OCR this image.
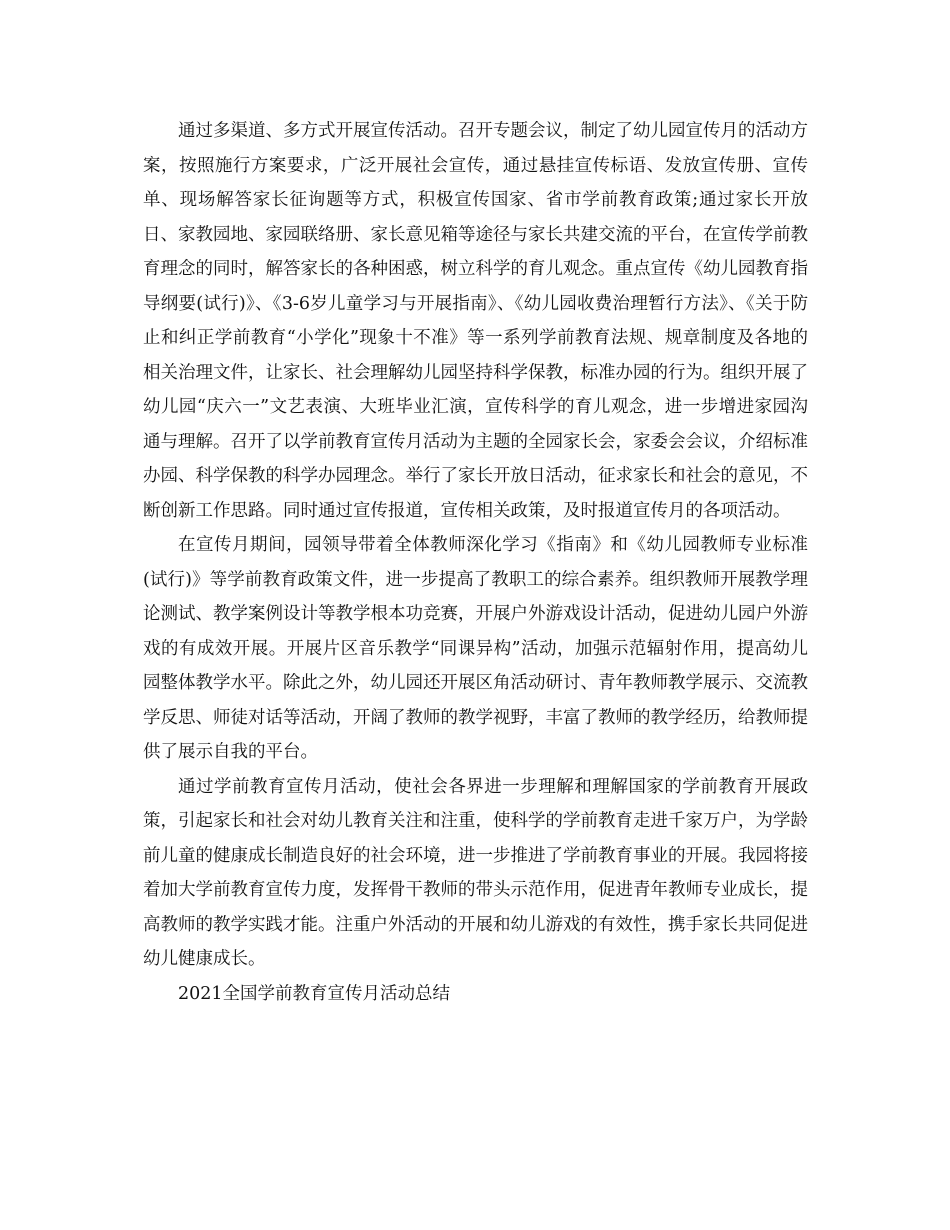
通过多渠道、多方式开展宣传活动。召开专题会议，制定了幼儿园宣传月的活动方案，按照施行方案要求，广泛开展社会宣传，通过悬挂宣传标语、发放宣传册、宣传单、现场解答家长征询题等方式，积极宣传国家、省市学前教育政策;通过家长开放日、家教园地、家园联络册、家长意见箱等途径与家长共建交流的平台，在宣传学前教育理念的同时，解答家长的各种困惑，树立科学的育儿观念。重点宣传《幼儿园教育指导纲要(试行)》、《3-6岁儿童学习与开展指南》、《幼儿园收费治理暂行方法》、《关于防止和纠正学前教育“小学化”现象十不准》等一系列学前教育法规、规章制度及各地的相关治理文件，让家长、社会理解幼儿园坚持科学保教，标准办园的行为。组织开展了幼儿园“庆六一”文艺表演、大班毕业汇演，宣传科学的育儿观念，进一步增进家园沟通与理解。召开了以学前教育宣传月活动为主题的全园家长会，家委会会议，介绍标准办园、科学保教的科学办园理念。举行了家长开放日活动，征求家长和社会的意见，不断创新工作思路。同时通过宣传报道，宣传相关政策，及时报道宣传月的各项活动。

在宣传月期间，园领导带着全体教师深化学习《指南》和《幼儿园教师专业标准(试行)》等学前教育政策文件，进一步提高了教职工的综合素养。组织教师开展教学理论测试、教学案例设计等教学根本功竞赛，开展户外游戏设计活动，促进幼儿园户外游戏的有成效开展。开展片区音乐教学“同课异构”活动，加强示范辐射作用，提高幼儿园整体教学水平。除此之外，幼儿园还开展区角活动研讨、青年教师教学展示、交流教学反思、师徒对话等活动，开阔了教师的教学视野，丰富了教师的教学经历，给教师提供了展示自我的平台。

通过学前教育宣传月活动，使社会各界进一步理解和理解国家的学前教育开展政策，引起家长和社会对幼儿教育关注和注重，使科学的学前教育走进千家万户，为学龄前儿童的健康成长制造良好的社会环境，进一步推进了学前教育事业的开展。我园将接着加大学前教育宣传力度，发挥骨干教师的带头示范作用，促进青年教师专业成长，提高教师的教学实践才能。注重户外活动的开展和幼儿游戏的有效性，携手家长共同促进幼儿健康成长。

2021全国学前教育宣传月活动总结
